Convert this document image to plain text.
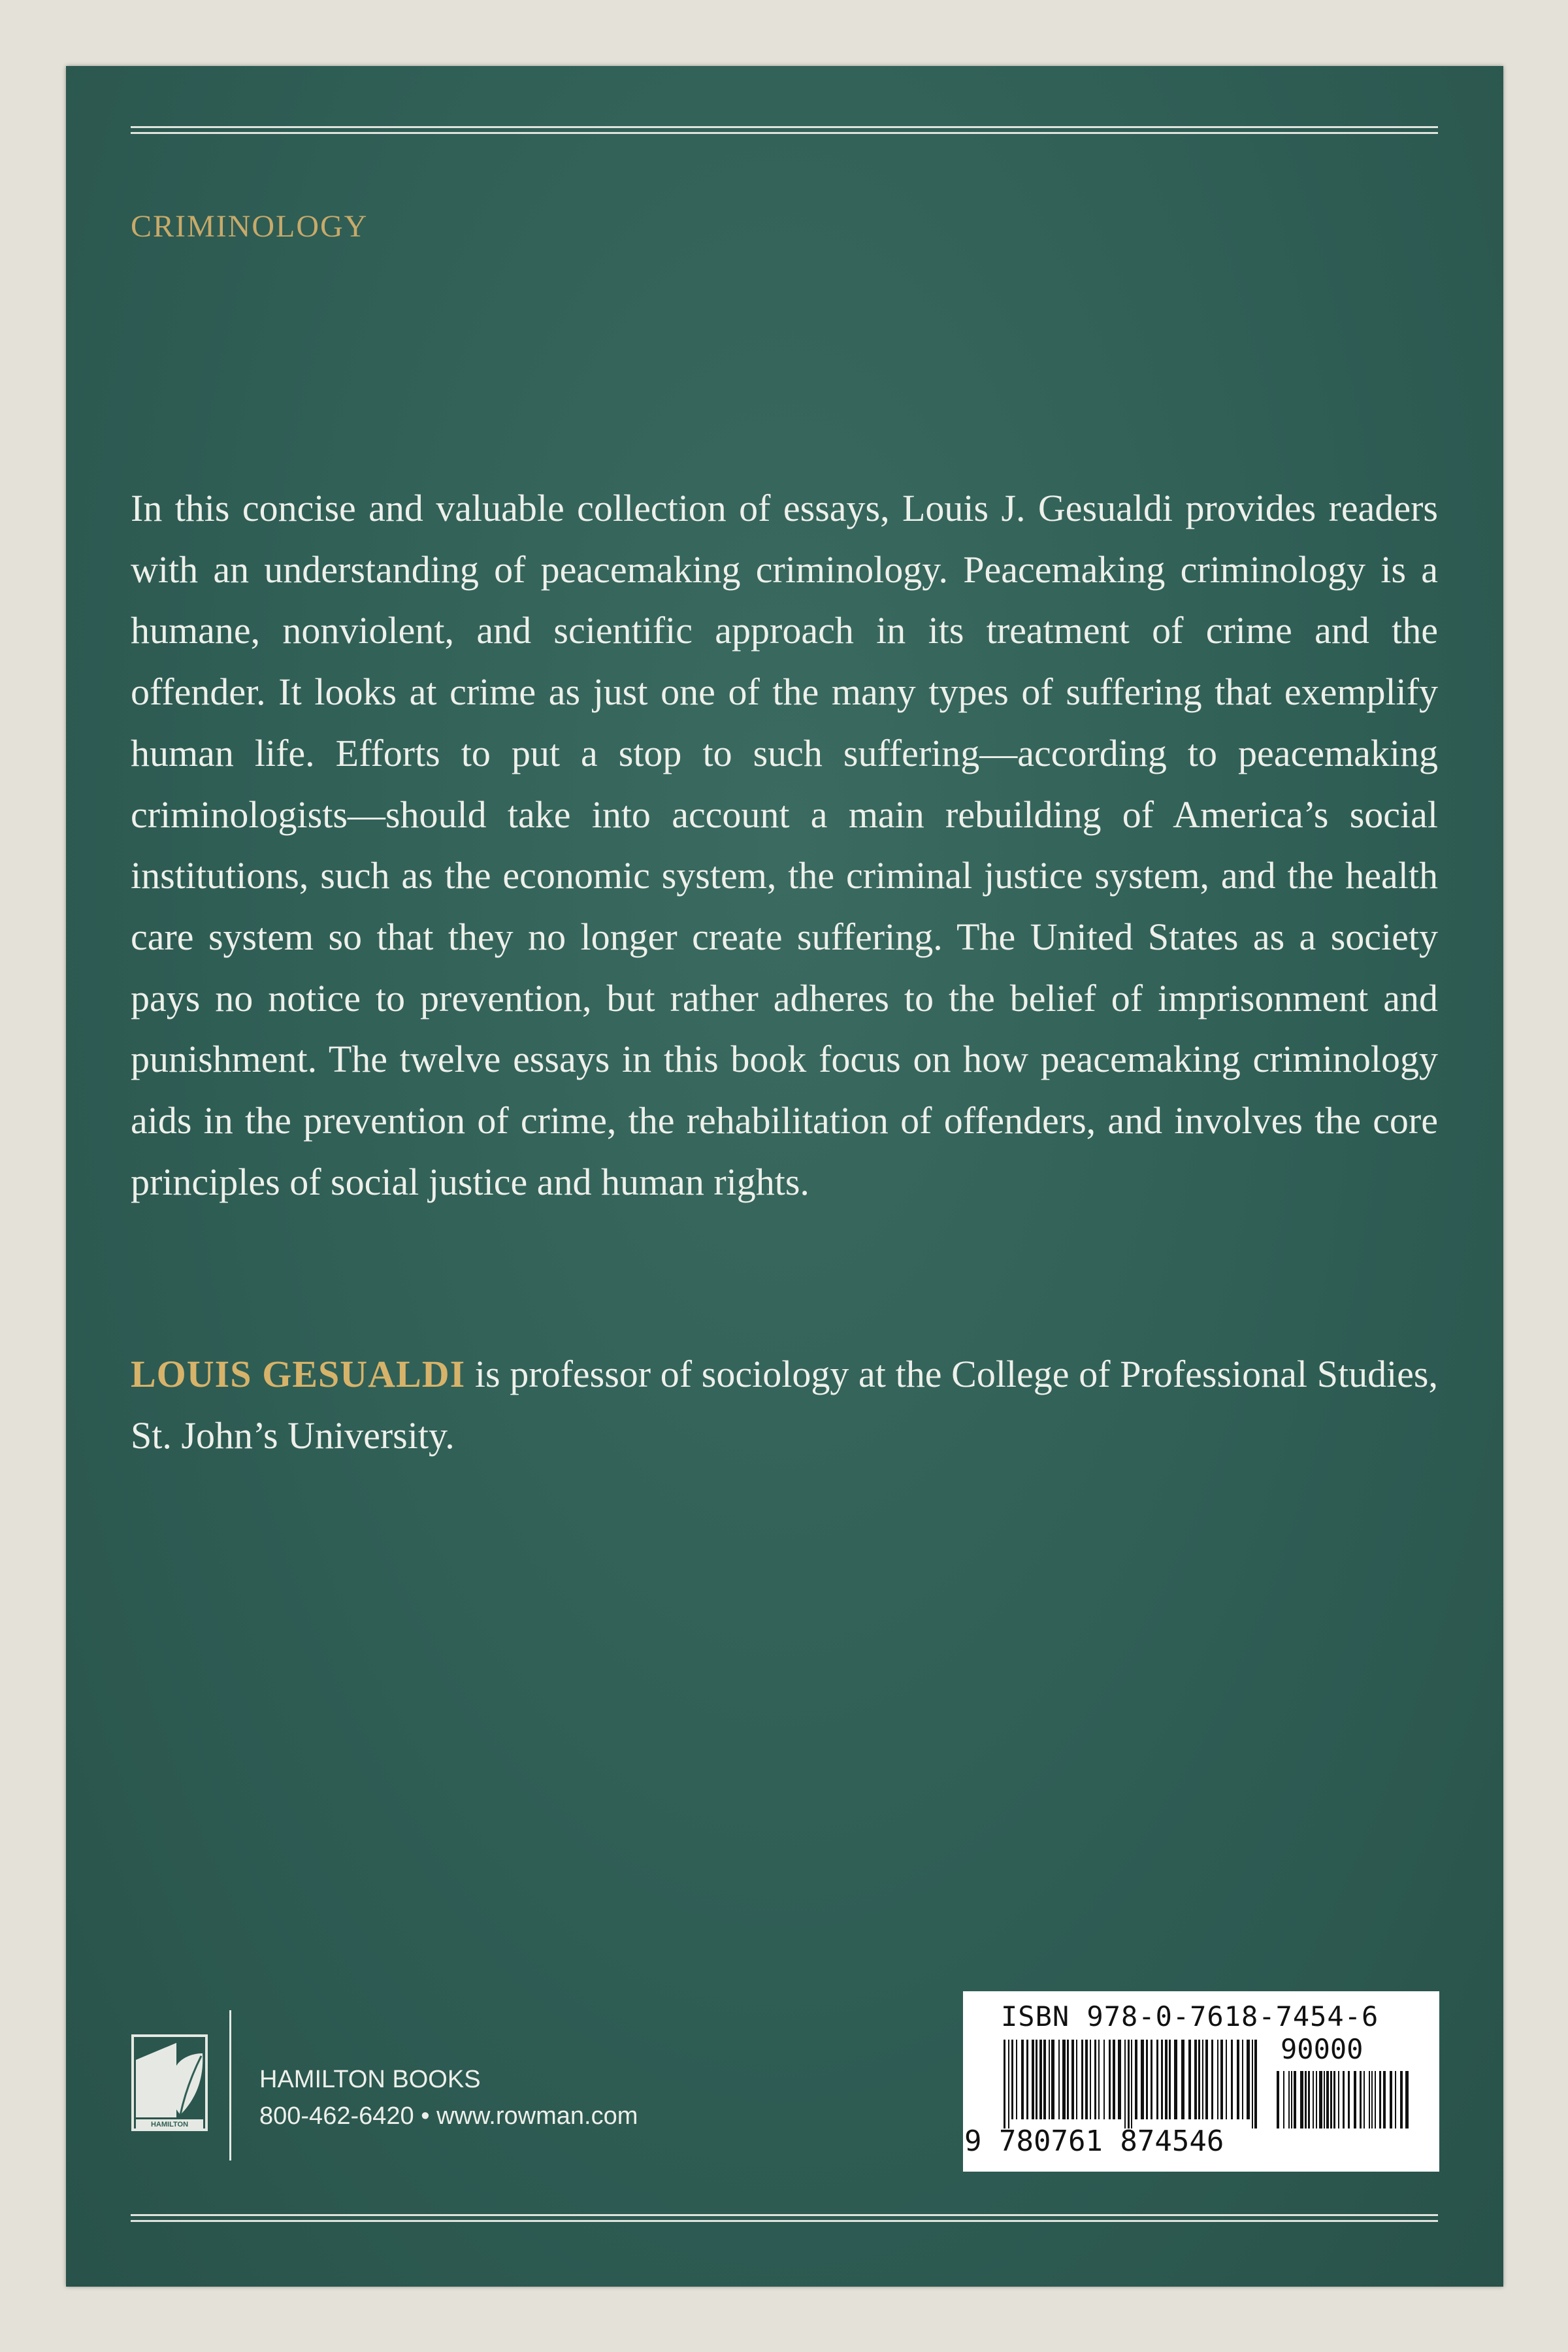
CRIMINOLOGY

In this concise and valuable collection of essays, Louis J. Gesualdi provides readers with an understanding of peacemaking criminology. Peacemaking criminology is a humane, nonviolent, and scientific approach in its treatment of crime and the offender. It looks at crime as just one of the many types of suffering that exemplify human life. Efforts to put a stop to such suffering—according to peacemaking criminologists—should take into account a main rebuilding of America’s social institutions, such as the economic system, the criminal justice system, and the health care system so that they no longer create suffering. The United States as a society pays no notice to prevention, but rather adheres to the belief of imprisonment and punishment. The twelve essays in this book focus on how peacemaking criminology aids in the prevention of crime, the rehabilitation of offenders, and involves the core principles of social justice and human rights.

LOUIS GESUALDI is professor of sociology at the College of Professional Studies, St. John’s University.

HAMILTON
HAMILTON BOOKS
800-462-6420 • www.rowman.com
ISBN 978-0-7618-7454-6
90000
9 780761 874546
